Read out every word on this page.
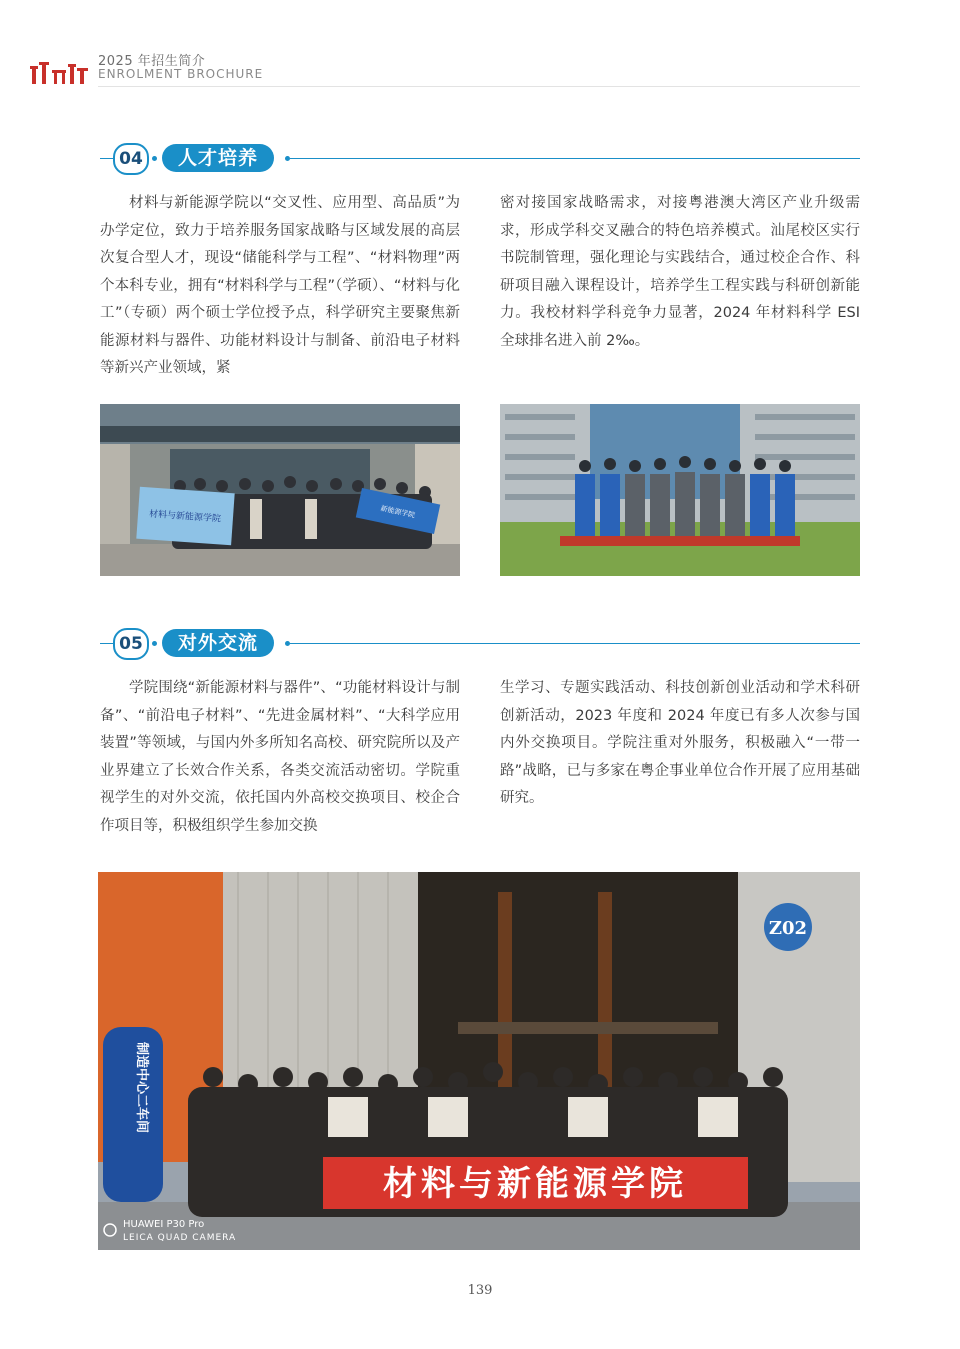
2025 年招生简介
ENROLMENT BROCHURE
04	人才培养

材料与新能源学院以“交叉性、应用型、高品质”为办学定位，致力于培养服务国家战略与区域发展的高层次复合型人才，现设“储能科学与工程”、“材料物理”两个本科专业，拥有“材料科学与工程”（学硕）、“材料与化工”（专硕）两个硕士学位授予点，科学研究主要聚焦新能源材料与器件、功能材料设计与制备、前沿电子材料等新兴产业领域，紧

密对接国家战略需求，对接粤港澳大湾区产业升级需求，形成学科交叉融合的特色培养模式。汕尾校区实行书院制管理，强化理论与实践结合，通过校企合作、科研项目融入课程设计，培养学生工程实践与科研创新能力。我校材料学科竞争力显著，2024 年材料科学 ESI 全球排名进入前 2‰。

材料与新能源学院	新能源学院
05	对外交流

学院围绕“新能源材料与器件”、“功能材料设计与制备”、“前沿电子材料”、“先进金属材料”、“大科学应用装置”等领域，与国内外多所知名高校、研究院所以及产业界建立了长效合作关系，各类交流活动密切。学院重视学生的对外交流，依托国内外高校交换项目、校企合作项目等，积极组织学生参加交换

生学习、专题实践活动、科技创新创业活动和学术科研创新活动，2023 年度和 2024 年度已有多人次参与国内外交换项目。学院注重对外服务，积极融入“一带一路”战略，已与多家在粤企事业单位合作开展了应用基础研究。

Z02
制造中心二车间
材料与新能源学院
HUAWEI P30 Pro
LEICA QUAD CAMERA
139
